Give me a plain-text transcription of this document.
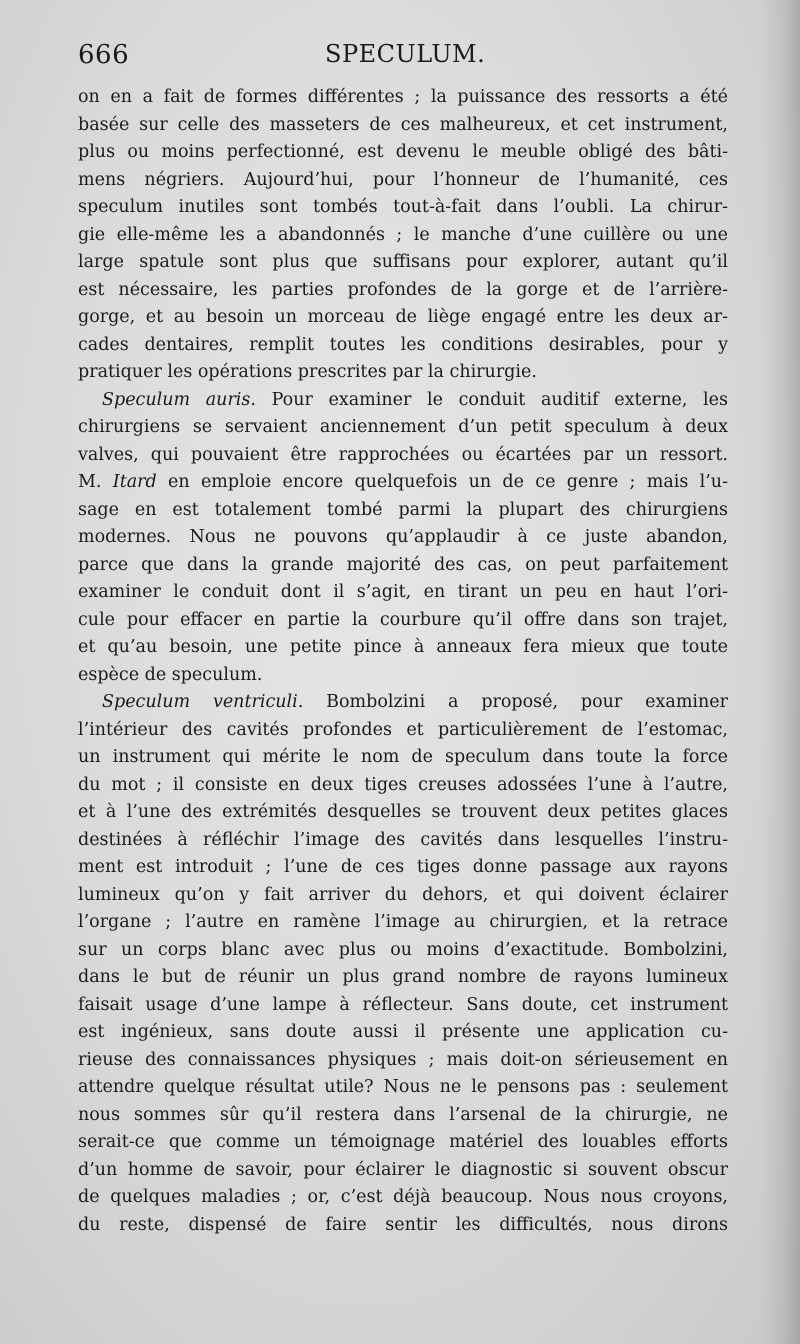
666	SPECULUM.
on en a fait de formes différentes ; la puissance des ressorts a été
basée sur celle des masseters de ces malheureux, et cet instrument,
plus ou moins perfectionné, est devenu le meuble obligé des bâti-
mens négriers. Aujourd’hui, pour l’honneur de l’humanité, ces
speculum inutiles sont tombés tout-à-fait dans l’oubli. La chirur-
gie elle-même les a abandonnés ; le manche d’une cuillère ou une
large spatule sont plus que suffisans pour explorer, autant qu’il
est nécessaire, les parties profondes de la gorge et de l’arrière-
gorge, et au besoin un morceau de liège engagé entre les deux ar-
cades dentaires, remplit toutes les conditions desirables, pour y
pratiquer les opérations prescrites par la chirurgie.
Speculum auris. Pour examiner le conduit auditif externe, les
chirurgiens se servaient anciennement d’un petit speculum à deux
valves, qui pouvaient être rapprochées ou écartées par un ressort.
M. Itard en emploie encore quelquefois un de ce genre ; mais l’u-
sage en est totalement tombé parmi la plupart des chirurgiens
modernes. Nous ne pouvons qu’applaudir à ce juste abandon,
parce que dans la grande majorité des cas, on peut parfaitement
examiner le conduit dont il s’agit, en tirant un peu en haut l’ori-
cule pour effacer en partie la courbure qu’il offre dans son trajet,
et qu’au besoin, une petite pince à anneaux fera mieux que toute
espèce de speculum.
Speculum ventriculi. Bombolzini a proposé, pour examiner
l’intérieur des cavités profondes et particulièrement de l’estomac,
un instrument qui mérite le nom de speculum dans toute la force
du mot ; il consiste en deux tiges creuses adossées l’une à l’autre,
et à l’une des extrémités desquelles se trouvent deux petites glaces
destinées à réfléchir l’image des cavités dans lesquelles l’instru-
ment est introduit ; l’une de ces tiges donne passage aux rayons
lumineux qu’on y fait arriver du dehors, et qui doivent éclairer
l’organe ; l’autre en ramène l’image au chirurgien, et la retrace
sur un corps blanc avec plus ou moins d’exactitude. Bombolzini,
dans le but de réunir un plus grand nombre de rayons lumineux
faisait usage d’une lampe à réflecteur. Sans doute, cet instrument
est ingénieux, sans doute aussi il présente une application cu-
rieuse des connaissances physiques ; mais doit-on sérieusement en
attendre quelque résultat utile? Nous ne le pensons pas : seulement
nous sommes sûr qu’il restera dans l’arsenal de la chirurgie, ne
serait-ce que comme un témoignage matériel des louables efforts
d’un homme de savoir, pour éclairer le diagnostic si souvent obscur
de quelques maladies ; or, c’est déjà beaucoup. Nous nous croyons,
du reste, dispensé de faire sentir les difficultés, nous dirons
